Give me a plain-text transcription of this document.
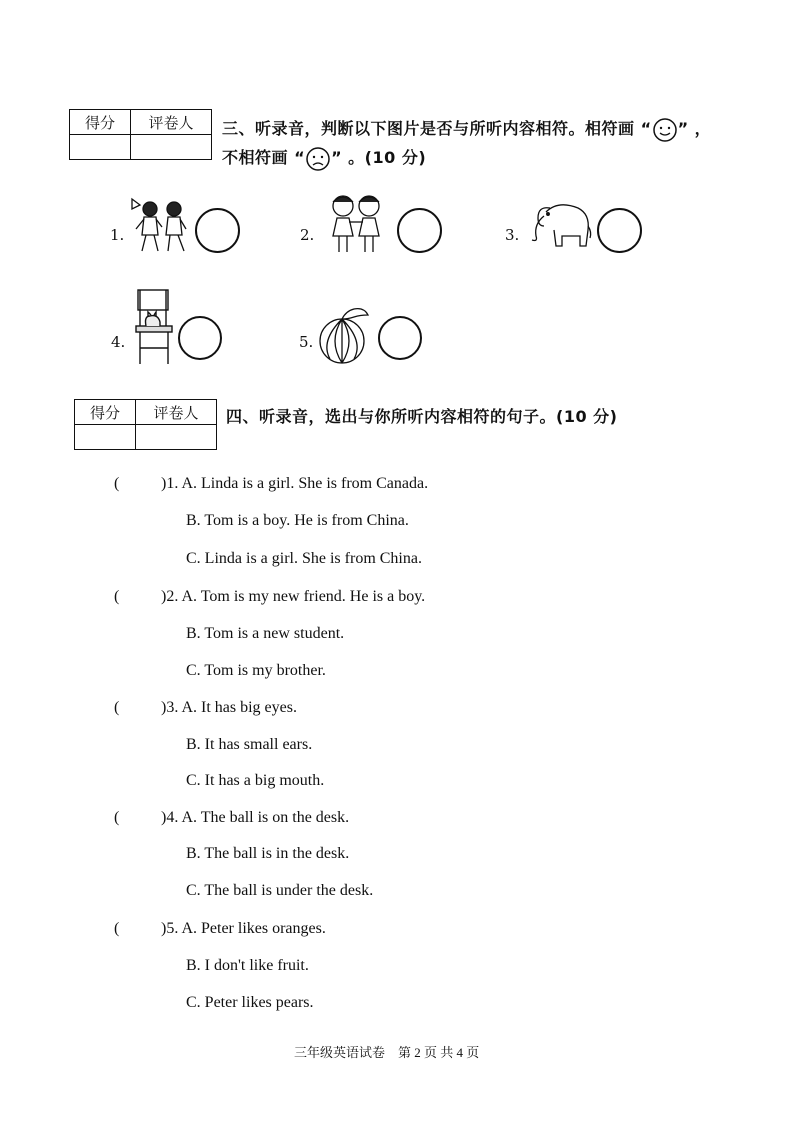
得分	评卷人
	三、听录音，判断以下图片是否与所听内容相符。相符画 “ ” ，
不相符画 “ ” 。(10 分)
1.	2.	3.
4.	5.
得分	评卷人
	四、听录音，选出与你所听内容相符的句子。(10 分)
(	)1. A. Linda is a girl. She is from Canada.
B. Tom is a boy. He is from China.
C. Linda is a girl. She is from China.
(	)2. A. Tom is my new friend. He is a boy.
B. Tom is a new student.
C. Tom is my brother.
(	)3. A. It has big eyes.
B. It has small ears.
C. It has a big mouth.
(	)4. A. The ball is on the desk.
B. The ball is in the desk.
C. The ball is under the desk.
(	)5. A. Peter likes oranges.
B. I don't like fruit.
C. Peter likes pears.
三年级英语试卷　第 2 页 共 4 页
